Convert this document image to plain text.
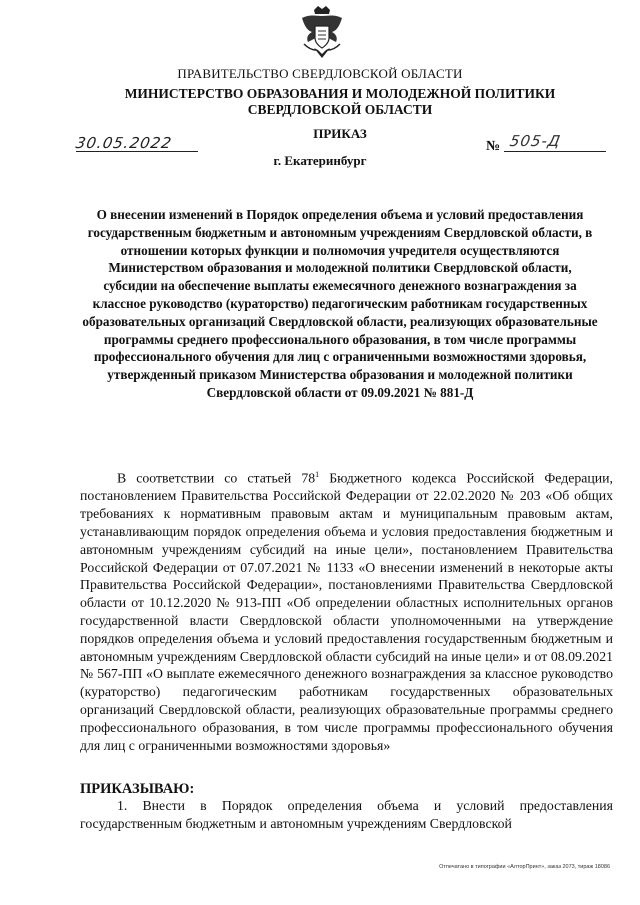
ПРАВИТЕЛЬСТВО СВЕРДЛОВСКОЙ ОБЛАСТИ
МИНИСТЕРСТВО ОБРАЗОВАНИЯ И МОЛОДЕЖНОЙ ПОЛИТИКИ СВЕРДЛОВСКОЙ ОБЛАСТИ
ПРИКАЗ
30.05.2022	№ 505-Д
г. Екатеринбург
О внесении изменений в Порядок определения объема и условий предоставления государственным бюджетным и автономным учреждениям Свердловской области, в отношении которых функции и полномочия учредителя осуществляются Министерством образования и молодежной политики Свердловской области, субсидии на обеспечение выплаты ежемесячного денежного вознаграждения за классное руководство (кураторство) педагогическим работникам государственных образовательных организаций Свердловской области, реализующих образовательные программы среднего профессионального образования, в том числе программы профессионального обучения для лиц с ограниченными возможностями здоровья, утвержденный приказом Министерства образования и молодежной политики Свердловской области от 09.09.2021 № 881-Д

В соответствии со статьей $78^1$ Бюджетного кодекса Российской Федерации, постановлением Правительства Российской Федерации от 22.02.2020 № 203 «Об общих требованиях к нормативным правовым актам и муниципальным правовым актам, устанавливающим порядок определения объема и условия предоставления бюджетным и автономным учреждениям субсидий на иные цели», постановлением Правительства Российской Федерации от 07.07.2021 № 1133 «О внесении изменений в некоторые акты Правительства Российской Федерации», постановлениями Правительства Свердловской области от 10.12.2020 № 913-ПП «Об определении областных исполнительных органов государственной власти Свердловской области уполномоченными на утверждение порядков определения объема и условий предоставления государственным бюджетным и автономным учреждениям Свердловской области субсидий на иные цели» и от 08.09.2021 № 567-ПП «О выплате ежемесячного денежного вознаграждения за классное руководство (кураторство) педагогическим работникам государственных образовательных организаций Свердловской области, реализующих образовательные программы среднего профессионального образования, в том числе программы профессионального обучения для лиц с ограниченными возможностями здоровья»

ПРИКАЗЫВАЮ:

1. Внести в Порядок определения объема и условий предоставления государственным бюджетным и автономным учреждениям Свердловской

Отпечатано в типографии «АлторПринт», заказ 2073, тираж 18086
